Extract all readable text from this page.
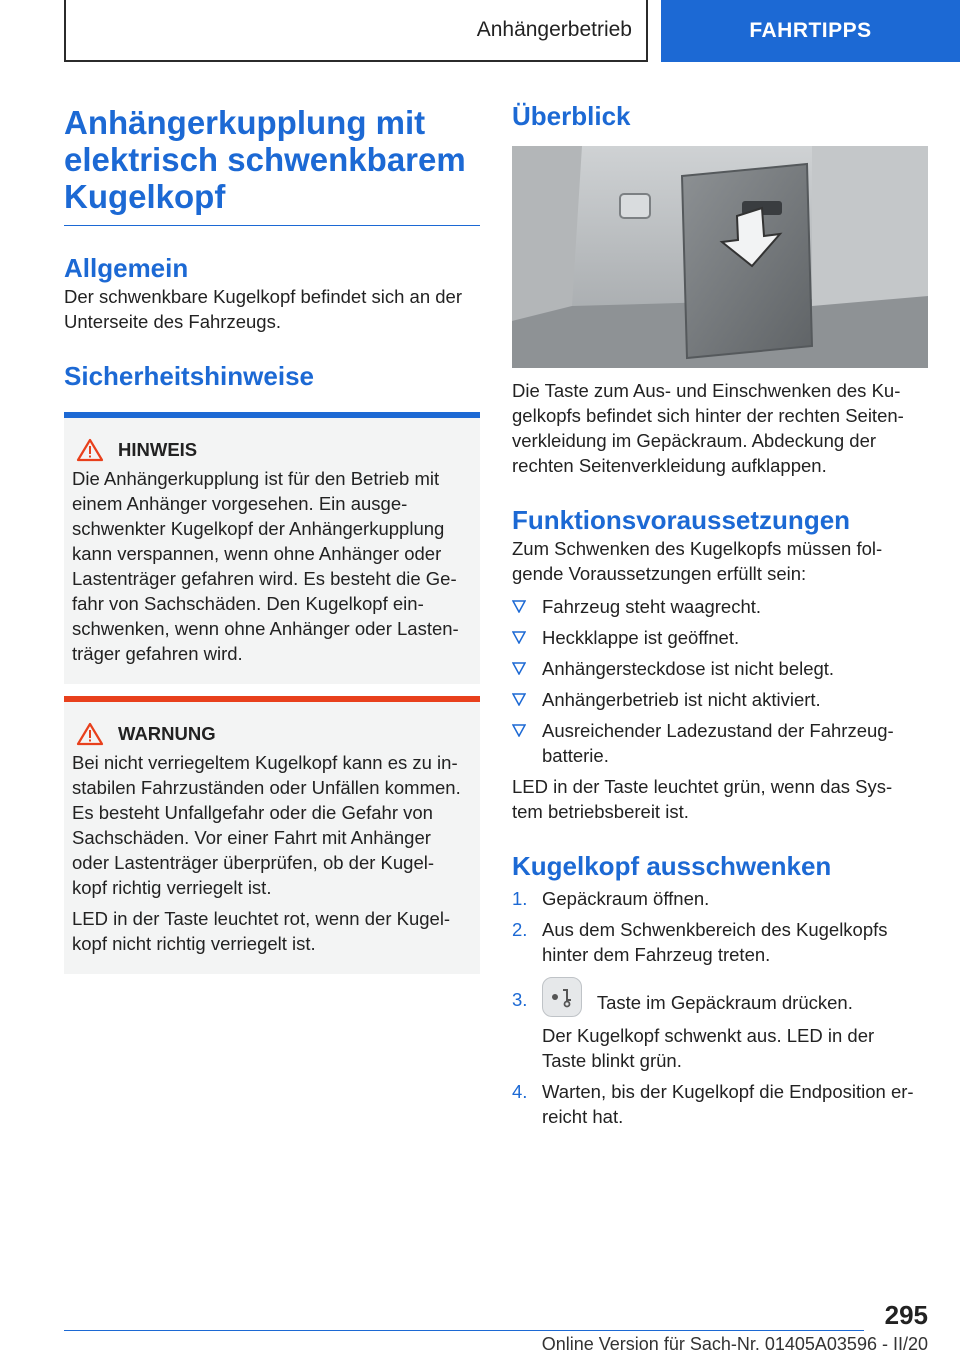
Anhängerbetrieb	FAHRTIPPS
Anhängerkupplung mit
elektrisch schwenkbarem
Kugelkopf
Allgemein

Der schwenkbare Kugelkopf befindet sich an der
Unterseite des Fahrzeugs.

Sicherheitshinweise
HINWEIS

Die Anhängerkupplung ist für den Betrieb mit
einem Anhänger vorgesehen. Ein ausge-
schwenkter Kugelkopf der Anhängerkupplung
kann verspannen, wenn ohne Anhänger oder
Lastenträger gefahren wird. Es besteht die Ge-
fahr von Sachschäden. Den Kugelkopf ein-
schwenken, wenn ohne Anhänger oder Lasten-
träger gefahren wird.

WARNUNG

Bei nicht verriegeltem Kugelkopf kann es zu in-
stabilen Fahrzuständen oder Unfällen kommen.
Es besteht Unfallgefahr oder die Gefahr von
Sachschäden. Vor einer Fahrt mit Anhänger
oder Lastenträger überprüfen, ob der Kugel-
kopf richtig verriegelt ist.

LED in der Taste leuchtet rot, wenn der Kugel-
kopf nicht richtig verriegelt ist.

Überblick

Die Taste zum Aus- und Einschwenken des Ku-
gelkopfs befindet sich hinter der rechten Seiten-
verkleidung im Gepäckraum. Abdeckung der
rechten Seitenverkleidung aufklappen.

Funktionsvoraussetzungen

Zum Schwenken des Kugelkopfs müssen fol-
gende Voraussetzungen erfüllt sein:

Fahrzeug steht waagrecht.
Heckklappe ist geöffnet.
Anhängersteckdose ist nicht belegt.
Anhängerbetrieb ist nicht aktiviert.
Ausreichender Ladezustand der Fahrzeug-
batterie.

LED in der Taste leuchtet grün, wenn das Sys-
tem betriebsbereit ist.

Kugelkopf ausschwenken
1. Gepäckraum öffnen.
2. Aus dem Schwenkbereich des Kugelkopfs
hinter dem Fahrzeug treten.
3.	Taste im Gepäckraum drücken.
Der Kugelkopf schwenkt aus. LED in der
Taste blinkt grün.
4. Warten, bis der Kugelkopf die Endposition er-
reicht hat.
295
Online Version für Sach-Nr. 01405A03596 - II/20
